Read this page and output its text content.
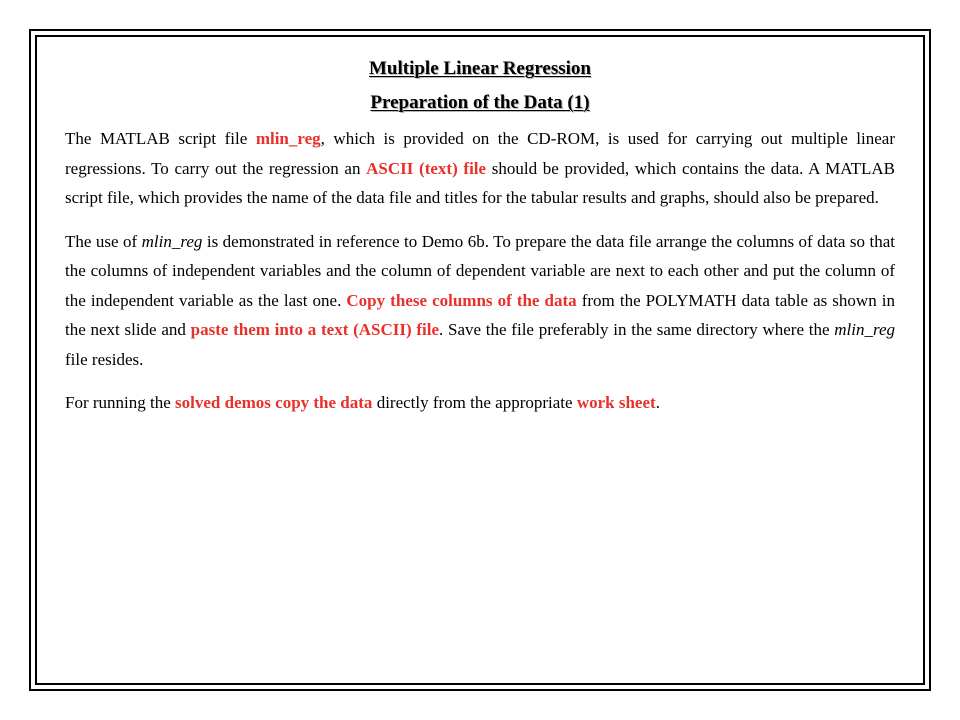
Multiple Linear Regression
Preparation of the Data (1)

The MATLAB script file mlin_reg, which is provided on the CD-ROM, is used for carrying out multiple linear regressions. To carry out the regression an ASCII (text) file should be provided, which contains the data. A MATLAB script file, which provides the name of the data file and titles for the tabular results and graphs, should also be prepared.

The use of mlin_reg is demonstrated in reference to Demo 6b. To prepare the data file arrange the columns of data so that the columns of independent variables and the column of dependent variable are next to each other and put the column of the independent variable as the last one. Copy these columns of the data from the POLYMATH data table as shown in the next slide and paste them into a text (ASCII) file. Save the file preferably in the same directory where the mlin_reg file resides.

For running the solved demos copy the data directly from the appropriate work sheet.
